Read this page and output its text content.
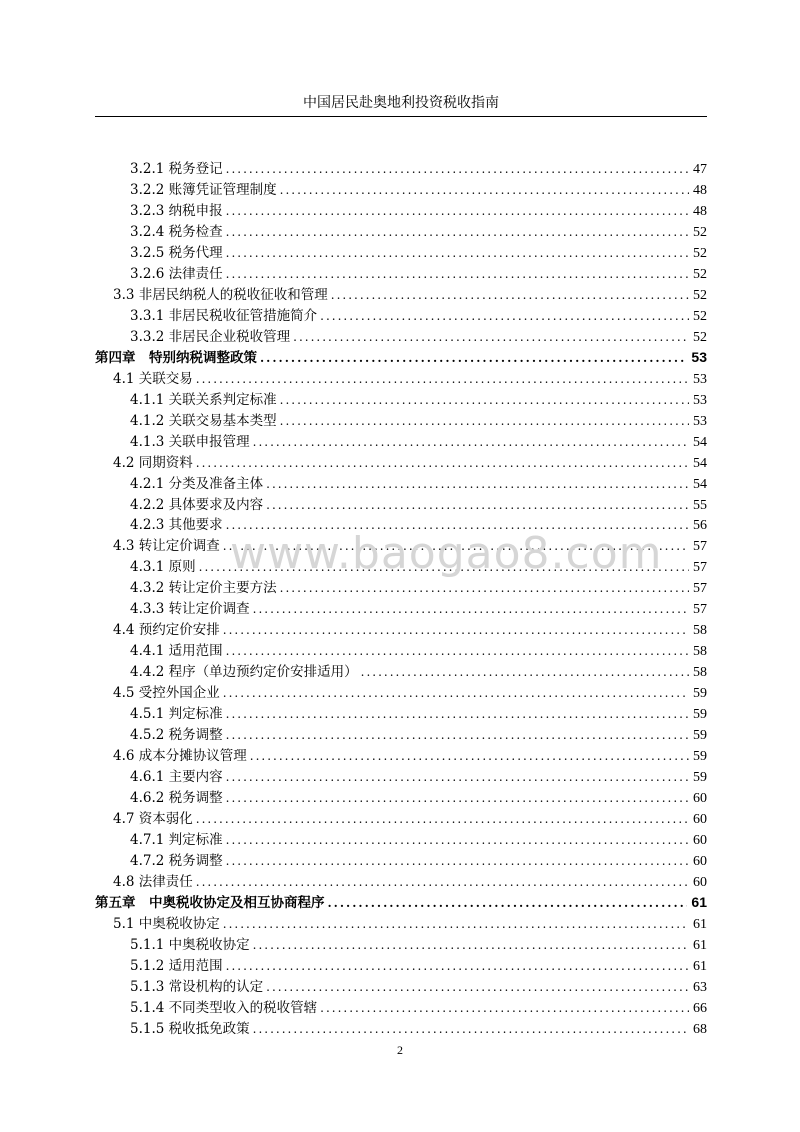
中国居民赴奥地利投资税收指南
3.2.1 税务登记 .....	47
3.2.2 账簿凭证管理制度 .....	48
3.2.3 纳税申报 .....	48
3.2.4 税务检查 .....	52
3.2.5 税务代理 .....	52
3.2.6 法律责任 .....	52
3.3 非居民纳税人的税收征收和管理 .....	52
3.3.1 非居民税收征管措施简介 .....	52
3.3.2 非居民企业税收管理 .....	52
第四章　特别纳税调整政策 .....	53
4.1 关联交易 .....	53
4.1.1 关联关系判定标准 .....	53
4.1.2 关联交易基本类型 .....	53
4.1.3 关联申报管理 .....	54
4.2 同期资料 .....	54
4.2.1 分类及准备主体 .....	54
4.2.2 具体要求及内容 .....	55
4.2.3 其他要求 .....	56
4.3 转让定价调查 .....	57
4.3.1 原则 .....	57
4.3.2 转让定价主要方法 .....	57
4.3.3 转让定价调查 .....	57
4.4 预约定价安排 .....	58
4.4.1 适用范围 .....	58
4.4.2 程序（单边预约定价安排适用） .....	58
4.5 受控外国企业 .....	59
4.5.1 判定标准 .....	59
4.5.2 税务调整 .....	59
4.6 成本分摊协议管理 .....	59
4.6.1 主要内容 .....	59
4.6.2 税务调整 .....	60
4.7 资本弱化 .....	60
4.7.1 判定标准 .....	60
4.7.2 税务调整 .....	60
4.8 法律责任 .....	60
第五章　中奥税收协定及相互协商程序 .....	61
5.1 中奥税收协定 .....	61
5.1.1 中奥税收协定 .....	61
5.1.2 适用范围 .....	61
5.1.3 常设机构的认定 .....	63
5.1.4 不同类型收入的税收管辖 .....	66
5.1.5 税收抵免政策 .....	68
www.baogao8.com
2
